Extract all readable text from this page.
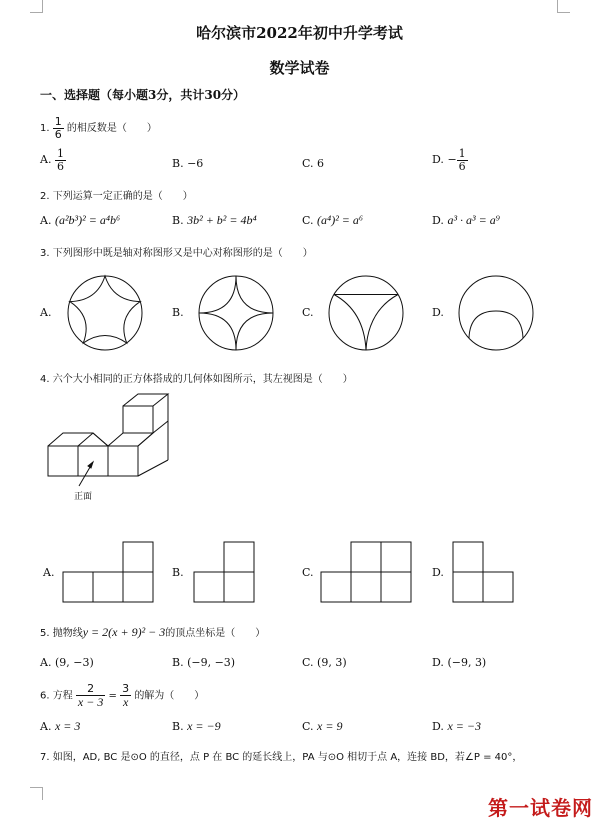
哈尔滨市2022年初中升学考试
数学试卷
一、选择题（每小题3分，共计30分）
1. $\frac{1}{6}$ 的相反数是（　　）
A. $\frac{1}{6}$	B. −6	C. 6	D. − $\frac{1}{6}$
2. 下列运算一定正确的是（　　）
A. (a²b³)² = a⁴b⁶	B. 3b² + b² = 4b⁴	C. (a⁴)² = a⁶	D. a³ · a³ = a⁹
3. 下列图形中既是轴对称图形又是中心对称图形的是（　　）
A.	B.	C.	D.
4. 六个大小相同的正方体搭成的几何体如图所示，其左视图是（　　）
正面
A.	B.	C.	D.
5. 抛物线y = 2(x + 9)² − 3的顶点坐标是（　　）
A. (9, −3)	B. (−9, −3)	C. (9, 3)	D. (−9, 3)
6. 方程 $\frac{2}{x - 3} = \frac{3}{x}$ 的解为（　　）
A. x = 3	B. x = −9	C. x = 9	D. x = −3
7. 如图，AD, BC 是⊙O 的直径，点 P 在 BC 的延长线上，PA 与⊙O 相切于点 A，连接 BD，若∠P = 40°，
第一试卷网
